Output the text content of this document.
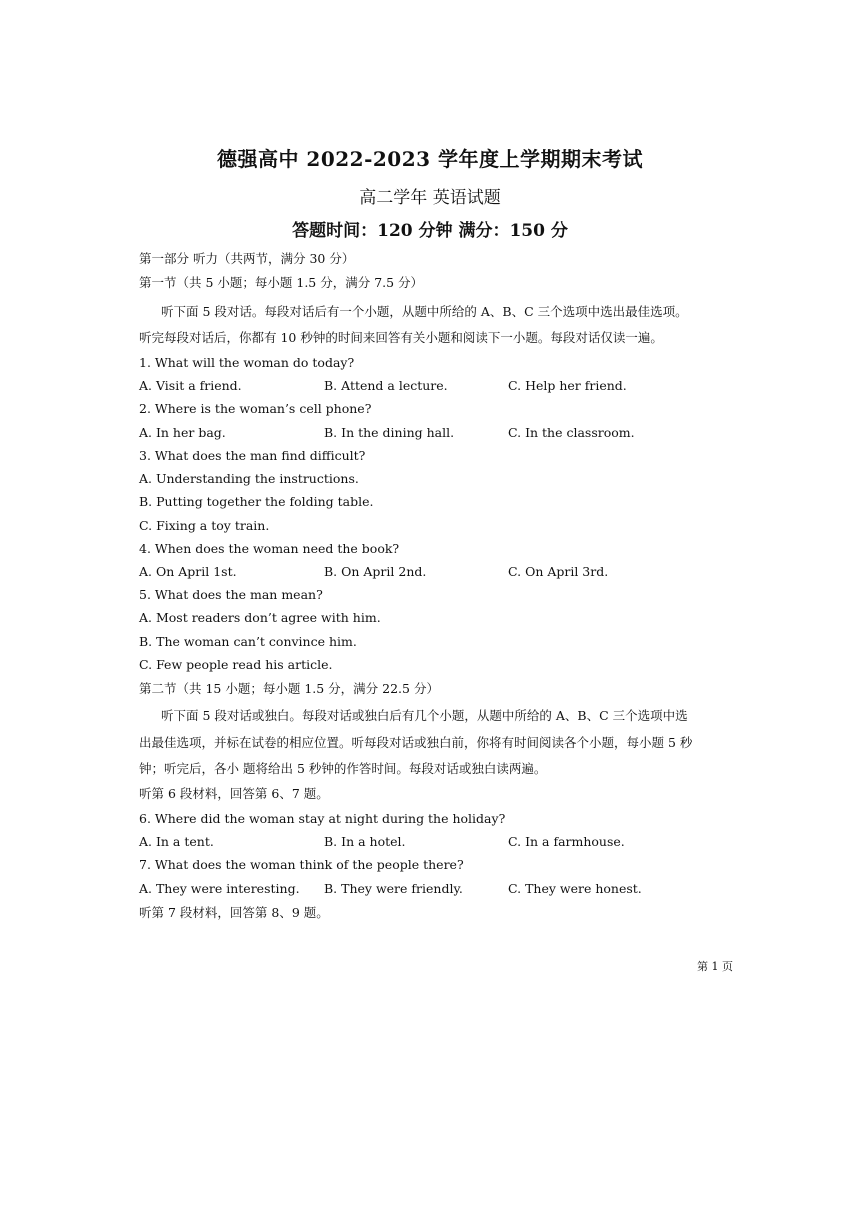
德强高中 2022-2023 学年度上学期期末考试
高二学年 英语试题
答题时间：120 分钟 满分：150 分
第一部分 听力（共两节，满分 30 分）
第一节（共 5 小题；每小题 1.5 分，满分 7.5 分）
听下面 5 段对话。每段对话后有一个小题，从题中所给的 A、B、C 三个选项中选出最佳选项。
听完每段对话后，你都有 10 秒钟的时间来回答有关小题和阅读下一小题。每段对话仅读一遍。
1. What will the woman do today?
A. Visit a friend.	B. Attend a lecture.	C. Help her friend.
2. Where is the woman’s cell phone?
A. In her bag.	B. In the dining hall.	C. In the classroom.
3. What does the man find difficult?
A. Understanding the instructions.
B. Putting together the folding table.
C. Fixing a toy train.
4. When does the woman need the book?
A. On April 1st.	B. On April 2nd.	C. On April 3rd.
5. What does the man mean?
A. Most readers don’t agree with him.
B. The woman can’t convince him.
C. Few people read his article.
第二节（共 15 小题；每小题 1.5 分，满分 22.5 分）
听下面 5 段对话或独白。每段对话或独白后有几个小题，从题中所给的 A、B、C 三个选项中选
出最佳选项，并标在试卷的相应位置。听每段对话或独白前，你将有时间阅读各个小题，每小题 5 秒
钟；听完后，各小 题将给出 5 秒钟的作答时间。每段对话或独白读两遍。
听第 6 段材料，回答第 6、7 题。
6. Where did the woman stay at night during the holiday?
A. In a tent.	B. In a hotel.	C. In a farmhouse.
7. What does the woman think of the people there?
A. They were interesting. B. They were friendly.	C. They were honest.
听第 7 段材料，回答第 8、9 题。
第 1 页
